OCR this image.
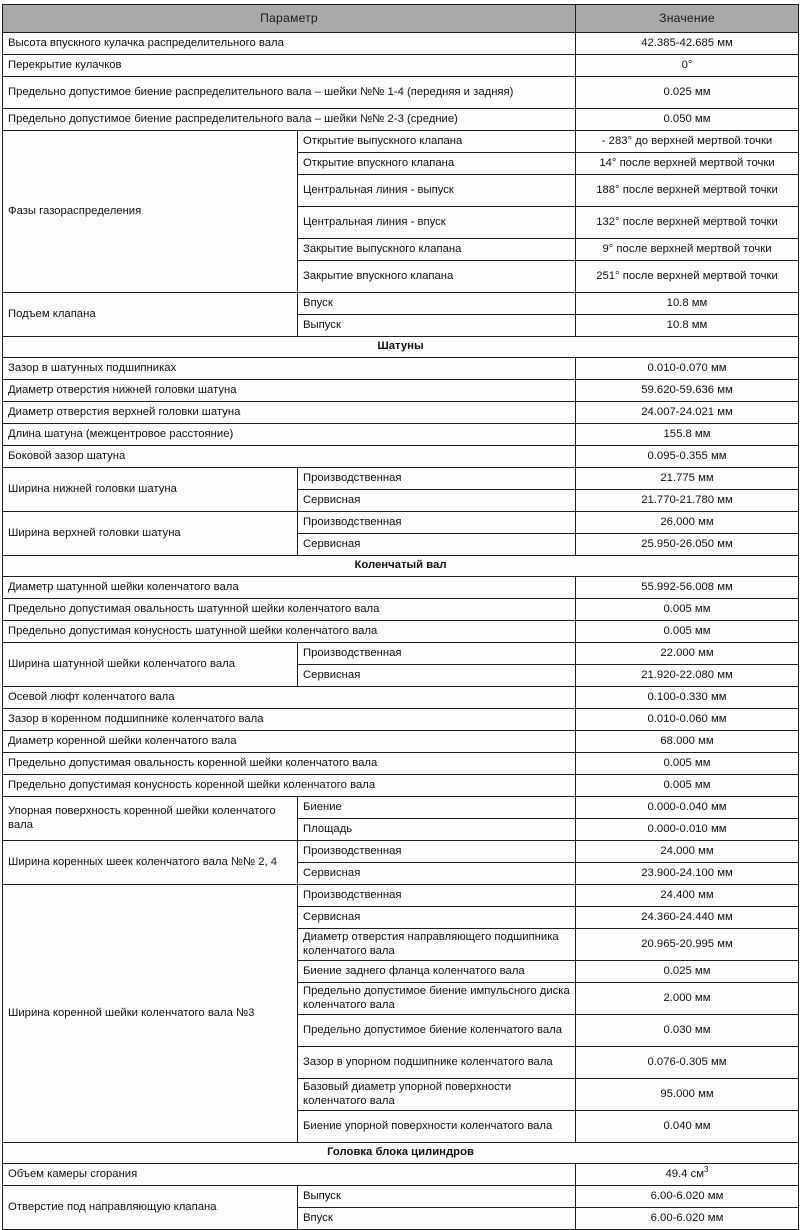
Параметр		Значение
Высота впускного кулачка распределительного вала		42.385-42.685 мм
Перекрытие кулачков		0°
Предельно допустимое биение распределительного вала – шейки №№ 1-4 (передняя и задняя)		0.025 мм
Предельно допустимое биение распределительного вала – шейки №№ 2-3 (средние)		0.050 мм
Фазы газораспределения	Открытие выпускного клапана	- 283° до верхней мертвой точки
	Открытие впускного клапана	14° после верхней мертвой точки
	Центральная линия - выпуск	188° после верхней мертвой точки
	Центральная линия - впуск	132° после верхней мертвой точки
	Закрытие выпускного клапана	9° после верхней мертвой точки
	Закрытие впускного клапана	251° после верхней мертвой точки
Подъем клапана	Впуск	10.8 мм
	Выпуск	10.8 мм
Шатуны		
Зазор в шатунных подшипниках		0.010-0.070 мм
Диаметр отверстия нижней головки шатуна		59.620-59.636 мм
Диаметр отверстия верхней головки шатуна		24.007-24.021 мм
Длина шатуна (межцентровое расстояние)		155.8 мм
Боковой зазор шатуна		0.095-0.355 мм
Ширина нижней головки шатуна	Производственная	21.775 мм
	Сервисная	21.770-21.780 мм
Ширина верхней головки шатуна	Производственная	26.000 мм
	Сервисная	25.950-26.050 мм
Коленчатый вал		
Диаметр шатунной шейки коленчатого вала		55.992-56.008 мм
Предельно допустимая овальность шатунной шейки коленчатого вала		0.005 мм
Предельно допустимая конусность шатунной шейки коленчатого вала		0.005 мм
Ширина шатунной шейки коленчатого вала	Производственная	22.000 мм
	Сервисная	21.920-22.080 мм
Осевой люфт коленчатого вала		0.100-0.330 мм
Зазор в коренном подшипнике коленчатого вала		0.010-0.060 мм
Диаметр коренной шейки коленчатого вала		68.000 мм
Предельно допустимая овальность коренной шейки коленчатого вала		0.005 мм
Предельно допустимая конусность коренной шейки коленчатого вала		0.005 мм
Упорная поверхность коренной шейки коленчатого вала	Биение	0.000-0.040 мм
	Площадь	0.000-0.010 мм
Ширина коренных шеек коленчатого вала №№ 2, 4	Производственная	24.000 мм
	Сервисная	23.900-24.100 мм
Ширина коренной шейки коленчатого вала №3	Производственная	24.400 мм
	Сервисная	24.360-24.440 мм
	Диаметр отверстия направляющего подшипника коленчатого вала	20.965-20.995 мм
	Биение заднего фланца коленчатого вала	0.025 мм
	Предельно допустимое биение импульсного диска коленчатого вала	2.000 мм
	Предельно допустимое биение коленчатого вала	0.030 мм
	Зазор в упорном подшипнике коленчатого вала	0.076-0.305 мм
	Базовый диаметр упорной поверхности коленчатого вала	95.000 мм
	Биение упорной поверхности коленчатого вала	0.040 мм
Головка блока цилиндров		
Объем камеры сгорания		49.4 $см^3$
Отверстие под направляющую клапана	Выпуск	6.00-6.020 мм
	Впуск	6.00-6.020 мм
